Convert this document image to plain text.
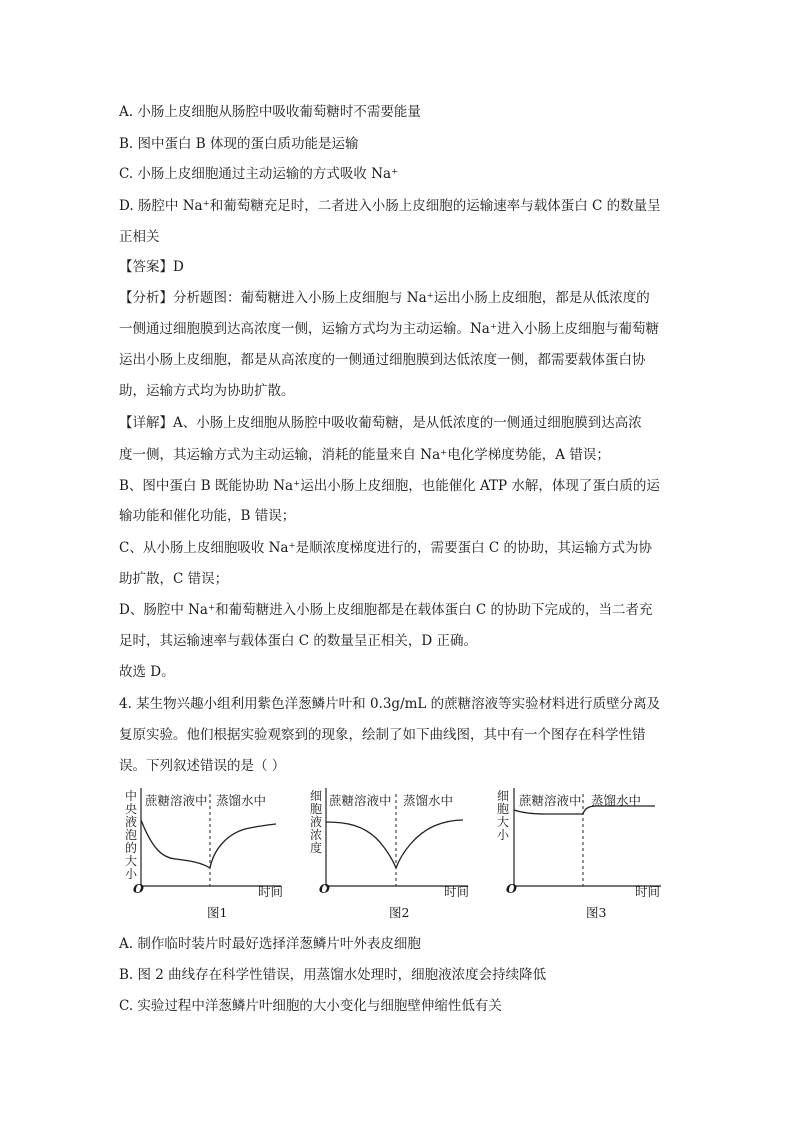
A. 小肠上皮细胞从肠腔中吸收葡萄糖时不需要能量
B. 图中蛋白 B 体现的蛋白质功能是运输
C. 小肠上皮细胞通过主动运输的方式吸收 Na⁺
D. 肠腔中 Na⁺和葡萄糖充足时，二者进入小肠上皮细胞的运输速率与载体蛋白 C 的数量呈
正相关
【答案】D
【分析】分析题图：葡萄糖进入小肠上皮细胞与 Na⁺运出小肠上皮细胞，都是从低浓度的
一侧通过细胞膜到达高浓度一侧，运输方式均为主动运输。Na⁺进入小肠上皮细胞与葡萄糖
运出小肠上皮细胞，都是从高浓度的一侧通过细胞膜到达低浓度一侧，都需要载体蛋白协
助，运输方式均为协助扩散。
【详解】A、小肠上皮细胞从肠腔中吸收葡萄糖，是从低浓度的一侧通过细胞膜到达高浓
度一侧，其运输方式为主动运输，消耗的能量来自 Na⁺电化学梯度势能，A 错误；
B、图中蛋白 B 既能协助 Na⁺运出小肠上皮细胞，也能催化 ATP 水解，体现了蛋白质的运
输功能和催化功能，B 错误；
C、从小肠上皮细胞吸收 Na⁺是顺浓度梯度进行的，需要蛋白 C 的协助，其运输方式为协
助扩散，C 错误；
D、肠腔中 Na⁺和葡萄糖进入小肠上皮细胞都是在载体蛋白 C 的协助下完成的，当二者充
足时，其运输速率与载体蛋白 C 的数量呈正相关，D 正确。
故选 D。
4. 某生物兴趣小组利用紫色洋葱鳞片叶和 0.3g/mL 的蔗糖溶液等实验材料进行质壁分离及
复原实验。他们根据实验观察到的现象，绘制了如下曲线图，其中有一个图存在科学性错
误。下列叙述错误的是（ ）
中 央 液 泡 的 大 小
蔗糖溶液中 蒸馏水中
O	时间
图1
细 胞 液 浓 度
蔗糖溶液中 蒸馏水中
O	时间
图2
细 胞 大 小
蔗糖溶液中 蒸馏水中
O	时间
图3
A. 制作临时装片时最好选择洋葱鳞片叶外表皮细胞
B. 图 2 曲线存在科学性错误，用蒸馏水处理时，细胞液浓度会持续降低
C. 实验过程中洋葱鳞片叶细胞的大小变化与细胞壁伸缩性低有关
